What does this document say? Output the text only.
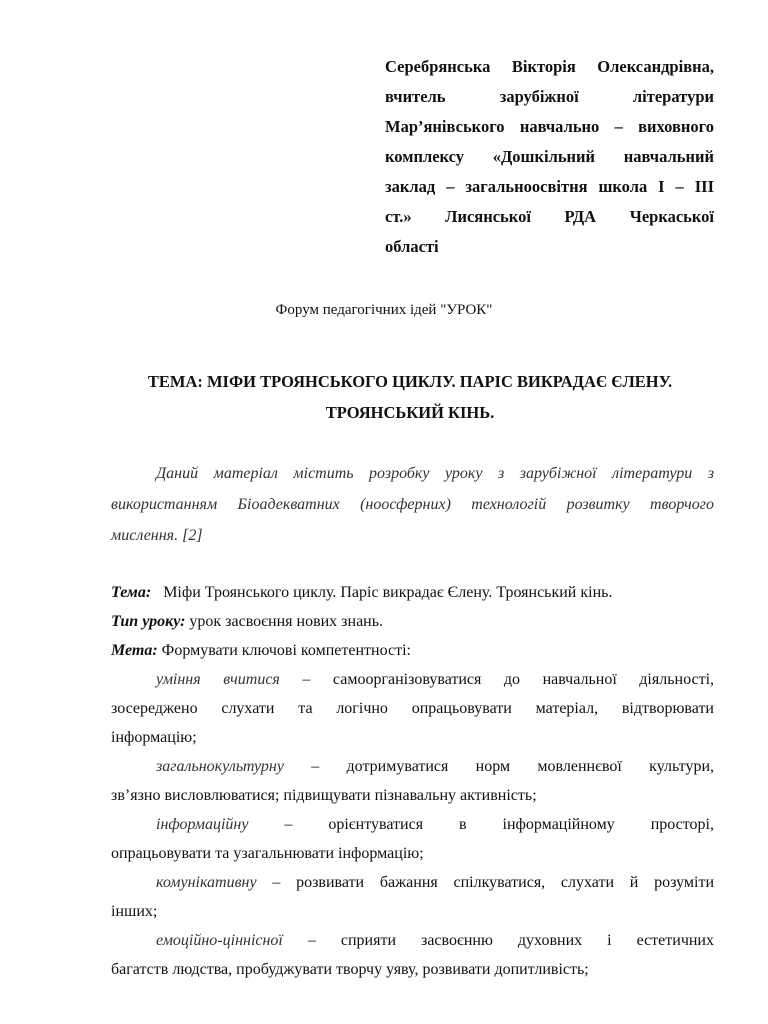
Серебрянська Вікторія Олександрівна,
вчитель зарубіжної літератури
Мар’янівського навчально – виховного
комплексу «Дошкільний навчальний
заклад – загальноосвітня школа І – ІІІ
ст.» Лисянської РДА Черкаської
області
Форум педагогічних ідей "УРОК"
ТЕМА: МІФИ ТРОЯНСЬКОГО ЦИКЛУ. ПАРІС ВИКРАДАЄ ЄЛЕНУ.
ТРОЯНСЬКИЙ КІНЬ.
Даний матеріал містить розробку уроку з зарубіжної літератури з
використанням Біоадекватних (ноосферних) технологій розвитку творчого
мислення. [2]
Тема: Міфи Троянського циклу. Паріс викрадає Єлену. Троянський кінь.
Тип уроку: урок засвоєння нових знань.
Мета: Формувати ключові компетентності:
уміння вчитися – самоорганізовуватися до навчальної діяльності,
зосереджено слухати та логічно опрацьовувати матеріал, відтворювати
інформацію;
загальнокультурну – дотримуватися норм мовленнєвої культури,
зв’язно висловлюватися; підвищувати пізнавальну активність;
інформаційну – орієнтуватися в інформаційному просторі,
опрацьовувати та узагальнювати інформацію;
комунікативну – розвивати бажання спілкуватися, слухати й розуміти
інших;
емоційно-ціннісної – сприяти засвоєнню духовних і естетичних
багатств людства, пробуджувати творчу уяву, розвивати допитливість;
